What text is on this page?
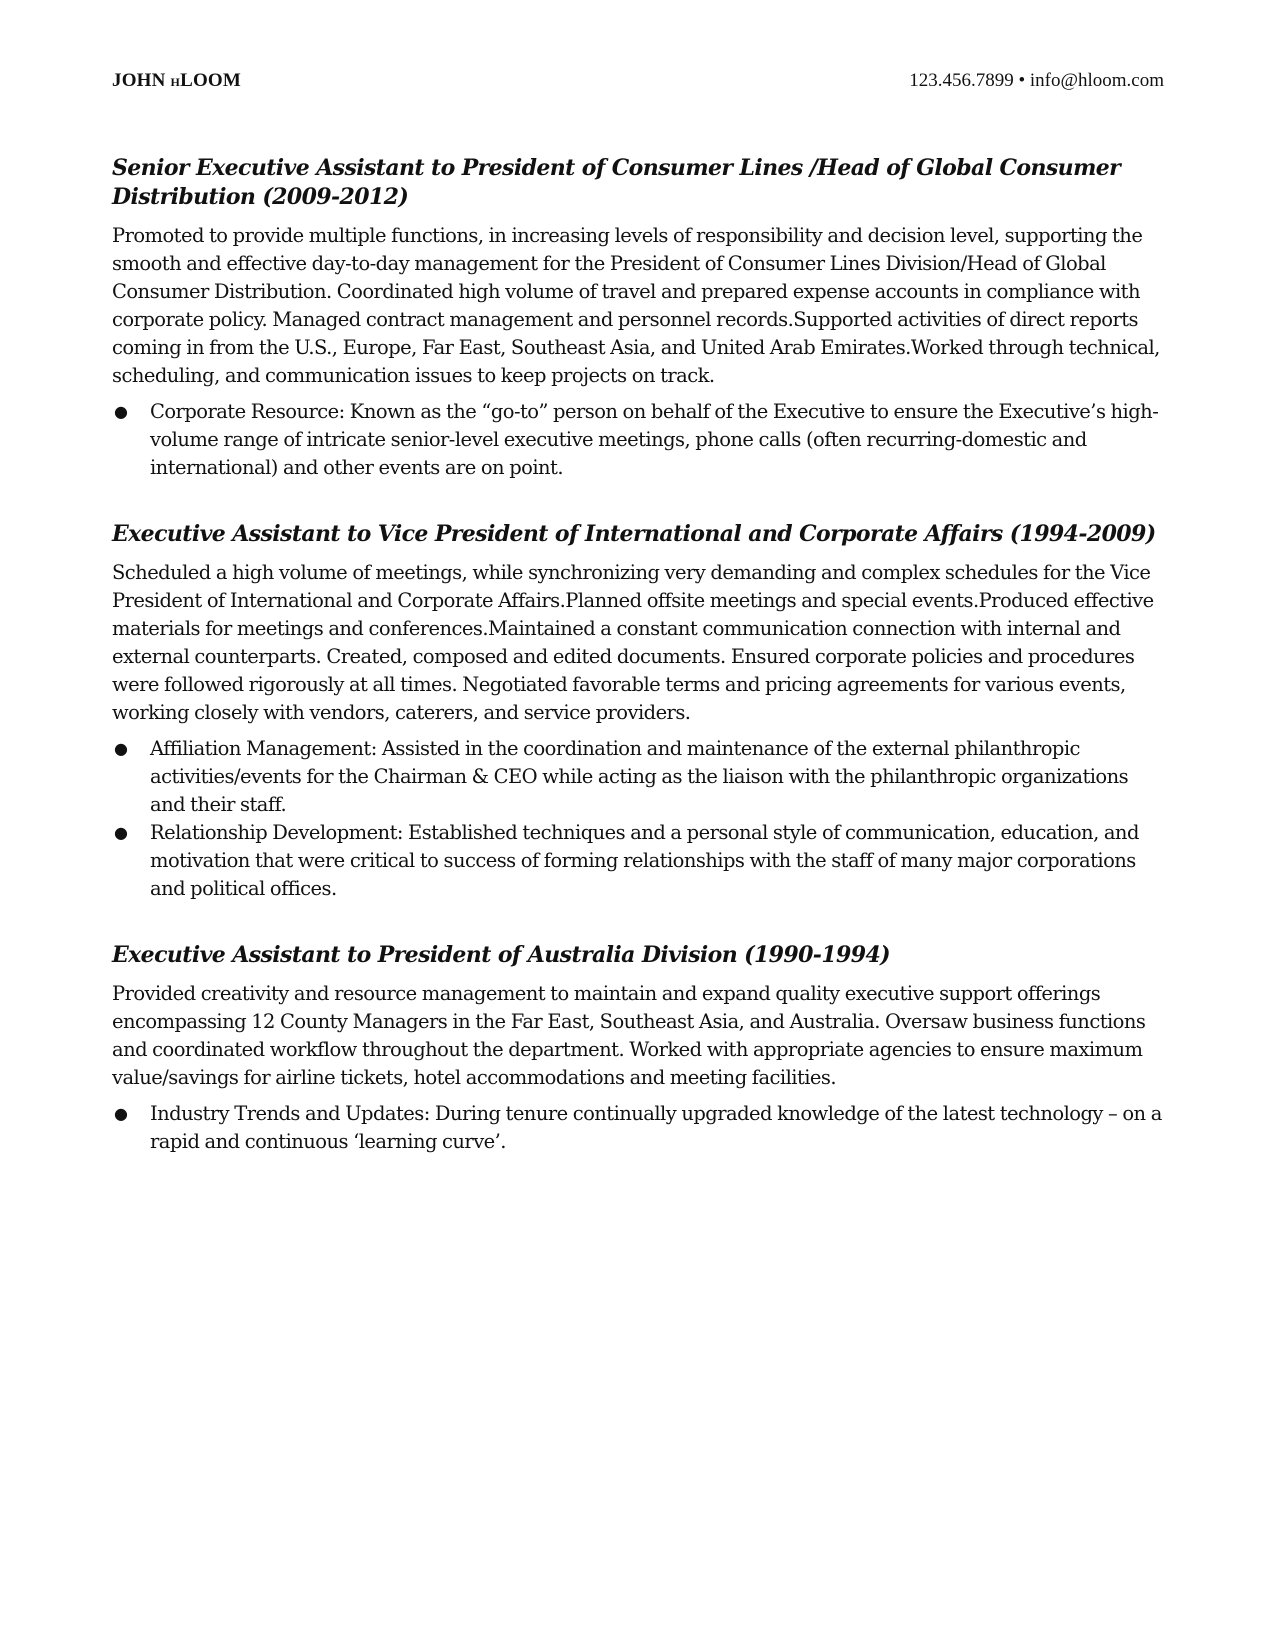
JOHN HLOOM	123.456.7899 • info@hloom.com
Senior Executive Assistant to President of Consumer Lines /Head of Global Consumer Distribution (2009-2012)

Promoted to provide multiple functions, in increasing levels of responsibility and decision level, supporting the smooth and effective day-to-day management for the President of Consumer Lines Division/Head of Global Consumer Distribution. Coordinated high volume of travel and prepared expense accounts in compliance with corporate policy. Managed contract management and personnel records.Supported activities of direct reports coming in from the U.S., Europe, Far East, Southeast Asia, and United Arab Emirates.Worked through technical, scheduling, and communication issues to keep projects on track.

● Corporate Resource: Known as the “go-to” person on behalf of the Executive to ensure the Executive’s high-volume range of intricate senior-level executive meetings, phone calls (often recurring-domestic and international) and other events are on point.
Executive Assistant to Vice President of International and Corporate Affairs (1994-2009)

Scheduled a high volume of meetings, while synchronizing very demanding and complex schedules for the Vice President of International and Corporate Affairs.Planned offsite meetings and special events.Produced effective materials for meetings and conferences.Maintained a constant communication connection with internal and external counterparts. Created, composed and edited documents. Ensured corporate policies and procedures were followed rigorously at all times. Negotiated favorable terms and pricing agreements for various events, working closely with vendors, caterers, and service providers.

● Affiliation Management: Assisted in the coordination and maintenance of the external philanthropic activities/events for the Chairman & CEO while acting as the liaison with the philanthropic organizations and their staff.
● Relationship Development: Established techniques and a personal style of communication, education, and motivation that were critical to success of forming relationships with the staff of many major corporations and political offices.
Executive Assistant to President of Australia Division (1990-1994)

Provided creativity and resource management to maintain and expand quality executive support offerings encompassing 12 County Managers in the Far East, Southeast Asia, and Australia. Oversaw business functions and coordinated workflow throughout the department. Worked with appropriate agencies to ensure maximum value/savings for airline tickets, hotel accommodations and meeting facilities.

● Industry Trends and Updates: During tenure continually upgraded knowledge of the latest technology – on a rapid and continuous ‘learning curve’.
